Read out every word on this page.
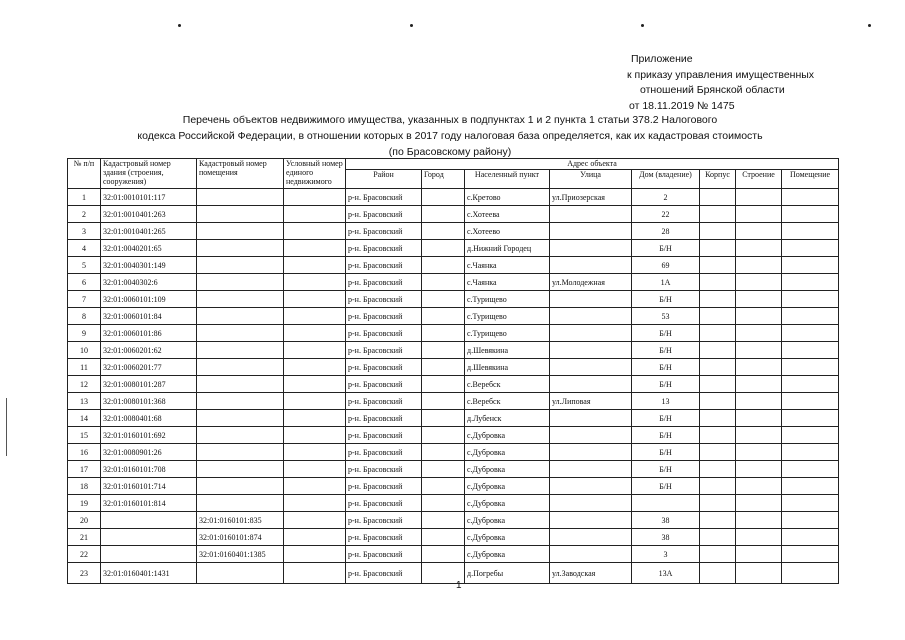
Приложение
к приказу управления имущественных
отношений Брянской области
от 18.11.2019 № 1475
Перечень объектов недвижимого имущества, указанных в подпунктах 1 и 2 пункта 1 статьи 378.2 Налогового
кодекса Российской Федерации, в отношении которых в 2017 году налоговая база определяется, как их кадастровая стоимость
(по Брасовскому району)
№ п/п	Кадастровый номер здания (строения, сооружения)	Кадастровый номер помещения	Условный номер единого недвижимого	Адрес объекта							
				Район	Город	Населенный пункт	Улица	Дом (владение)	Корпус	Строение	Помещение
1	32:01:0010101:117			р-н. Брасовский		с.Кретово	ул.Приозерская	2			
2	32:01:0010401:263			р-н. Брасовский		с.Хотеева		22			
3	32:01:0010401:265			р-н. Брасовский		с.Хотеево		28			
4	32:01:0040201:65			р-н. Брасовский		д.Нижний Городец		Б/Н			
5	32:01:0040301:149			р-н. Брасовский		с.Чаянка		69			
6	32:01:0040302:6			р-н. Брасовский		с.Чаянка	ул.Молодежная	1А			
7	32:01:0060101:109			р-н. Брасовский		с.Турищево		Б/Н			
8	32:01:0060101:84			р-н. Брасовский		с.Турищево		53			
9	32:01:0060101:86			р-н. Брасовский		с.Турищево		Б/Н			
10	32:01:0060201:62			р-н. Брасовский		д.Шевякина		Б/Н			
11	32:01:0060201:77			р-н. Брасовский		д.Шевякина		Б/Н			
12	32:01:0080101:287			р-н. Брасовский		с.Веребск		Б/Н			
13	32:01:0080101:368			р-н. Брасовский		с.Веребск	ул.Липовая	13			
14	32:01:0080401:68			р-н. Брасовский		д.Лубенск		Б/Н			
15	32:01:0160101:692			р-н. Брасовский		с.Дубровка		Б/Н			
16	32:01:0080901:26			р-н. Брасовский		с.Дубровка		Б/Н			
17	32:01:0160101:708			р-н. Брасовский		с.Дубровка		Б/Н			
18	32:01:0160101:714			р-н. Брасовский		с.Дубровка		Б/Н			
19	32:01:0160101:814			р-н. Брасовский		с.Дубровка					
20		32:01:0160101:835		р-н. Брасовский		с.Дубровка		38			
21		32:01:0160101:874		р-н. Брасовский		с.Дубровка		38			
22		32:01:0160401:1385		р-н. Брасовский		с.Дубровка		3			
23	32:01:0160401:1431			р-н. Брасовский		д.Погребы	ул.Заводская	13А			
1
